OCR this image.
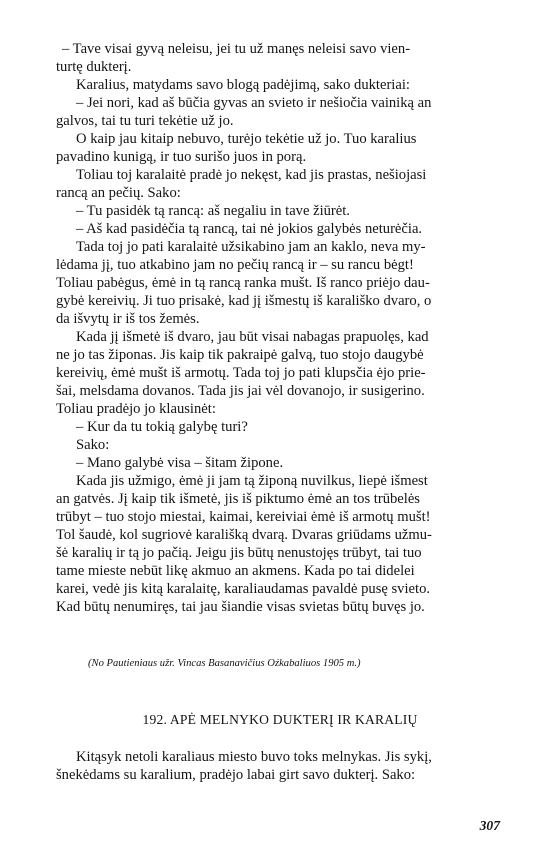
– Tave visai gyvą neleisu, jei tu už manęs neleisi savo vien-
turtę dukterį.
Karalius, matydams savo blogą padėjimą, sako dukteriai:
– Jei nori, kad aš būčia gyvas an svieto ir nešiočia vainiką an
galvos, tai tu turi tekėtie už jo.
O kaip jau kitaip nebuvo, turėjo tekėtie už jo. Tuo karalius
pavadino kunigą, ir tuo surišo juos in porą.
Toliau toj karalaitė pradė jo nekęst, kad jis prastas, nešiojasi
rancą an pečių. Sako:
– Tu pasidėk tą rancą: aš negaliu in tave žiūrėt.
– Aš kad pasidėčia tą rancą, tai nė jokios galybės neturėčia.
Tada toj jo pati karalaitė užsikabino jam an kaklo, neva my-
lėdama jį, tuo atkabino jam no pečių rancą ir – su rancu bėgt!
Toliau pabėgus, ėmė in tą rancą ranka mušt. Iš ranco priėjo dau-
gybė kereivių. Ji tuo prisakė, kad jį išmestų iš karališko dvaro, o
da išvytų ir iš tos žemės.
Kada jį išmetė iš dvaro, jau būt visai nabagas prapuolęs, kad
ne jo tas žiponas. Jis kaip tik pakraipė galvą, tuo stojo daugybė
kereivių, ėmė mušt iš armotų. Tada toj jo pati klupsčia ėjo prie-
šai, melsdama dovanos. Tada jis jai vėl dovanojo, ir susigerino.
Toliau pradėjo jo klausinėt:
– Kur da tu tokią galybę turi?
Sako:
– Mano galybė visa – šitam žipone.
Kada jis užmigo, ėmė ji jam tą žiponą nuvilkus, liepė išmest
an gatvės. Jį kaip tik išmetė, jis iš piktumo ėmė an tos trūbelės
trūbyt – tuo stojo miestai, kaimai, kereiviai ėmė iš armotų mušt!
Tol šaudė, kol sugriovė karališką dvarą. Dvaras griūdams užmu-
šė karalių ir tą jo pačią. Jeigu jis būtų nenustojęs trūbyt, tai tuo
tame mieste nebūt likę akmuo an akmens. Kada po tai didelei
karei, vedė jis kitą karalaitę, karaliaudamas pavaldė pusę svieto.
Kad būtų nenumiręs, tai jau šiandie visas svietas būtų buvęs jo.
(No Pautieniaus užr. Vincas Basanavičius Oźkabaliuos 1905 m.)
192. APĖ MELNYKO DUKTERĮ IR KARALIŲ
Kitąsyk netoli karaliaus miesto buvo toks melnykas. Jis sykį,
šnekėdams su karalium, pradėjo labai girt savo dukterį. Sako:
307
